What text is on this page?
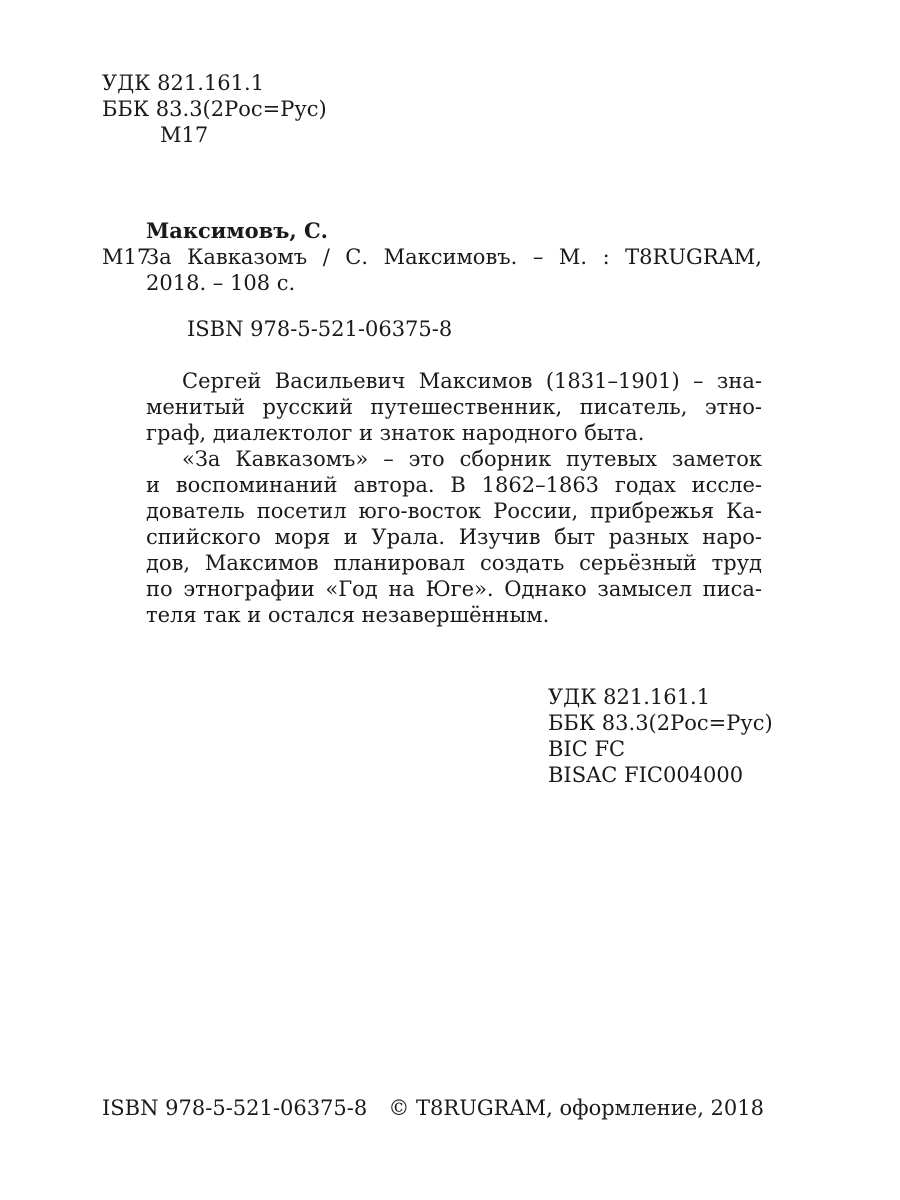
УДК 821.161.1
ББК 83.3(2Рос=Рус)
М17
Максимовъ, С.
М17
За Кавказомъ / С. Максимовъ. – М. : T8RUGRAM,
2018. – 108 с.
ISBN 978-5-521-06375-8
Сергей Васильевич Максимов (1831–1901) – зна-
менитый русский путешественник, писатель, этно-
граф, диалектолог и знаток народного быта.
«За Кавказомъ» – это сборник путевых заметок
и воспоминаний автора. В 1862–1863 годах иссле-
дователь посетил юго-восток России, прибрежья Ка-
спийского моря и Урала. Изучив быт разных наро-
дов, Максимов планировал создать серьёзный труд
по этнографии «Год на Юге». Однако замысел писа-
теля так и остался незавершённым.
УДК 821.161.1
ББК 83.3(2Рос=Рус)
BIC FC
BISAC FIC004000
ISBN 978-5-521-06375-8 © T8RUGRAM, оформление, 2018
